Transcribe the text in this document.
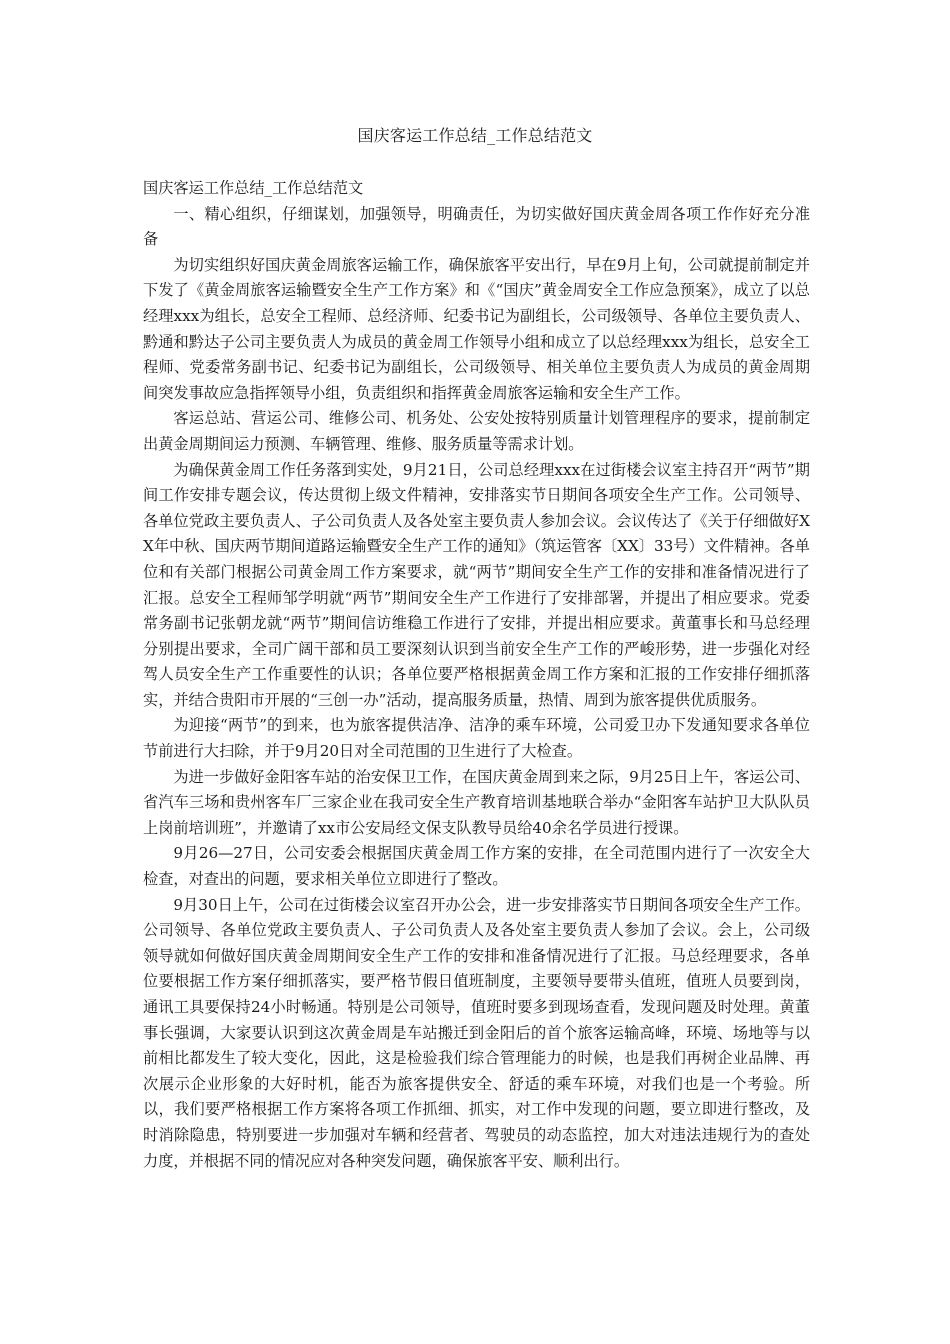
国庆客运工作总结_工作总结范文

国庆客运工作总结_工作总结范文

一、精心组织，仔细谋划，加强领导，明确责任，为切实做好国庆黄金周各项工作作好充分准备

为切实组织好国庆黄金周旅客运输工作，确保旅客平安出行，早在9月上旬，公司就提前制定并下发了《黄金周旅客运输暨安全生产工作方案》和《“国庆”黄金周安全工作应急预案》，成立了以总经理xxx为组长，总安全工程师、总经济师、纪委书记为副组长，公司级领导、各单位主要负责人、黔通和黔达子公司主要负责人为成员的黄金周工作领导小组和成立了以总经理xxx为组长，总安全工程师、党委常务副书记、纪委书记为副组长，公司级领导、相关单位主要负责人为成员的黄金周期间突发事故应急指挥领导小组，负责组织和指挥黄金周旅客运输和安全生产工作。

客运总站、营运公司、维修公司、机务处、公安处按特别质量计划管理程序的要求，提前制定出黄金周期间运力预测、车辆管理、维修、服务质量等需求计划。

为确保黄金周工作任务落到实处，9月21日，公司总经理xxx在过街楼会议室主持召开“两节”期间工作安排专题会议，传达贯彻上级文件精神，安排落实节日期间各项安全生产工作。公司领导、各单位党政主要负责人、子公司负责人及各处室主要负责人参加会议。会议传达了《关于仔细做好XX年中秋、国庆两节期间道路运输暨安全生产工作的通知》（筑运管客〔XX〕33号）文件精神。各单位和有关部门根据公司黄金周工作方案要求，就“两节”期间安全生产工作的安排和准备情况进行了汇报。总安全工程师邹学明就“两节”期间安全生产工作进行了安排部署，并提出了相应要求。党委常务副书记张朝龙就“两节”期间信访维稳工作进行了安排，并提出相应要求。黄董事长和马总经理分别提出要求，全司广阔干部和员工要深刻认识到当前安全生产工作的严峻形势，进一步强化对经驾人员安全生产工作重要性的认识；各单位要严格根据黄金周工作方案和汇报的工作安排仔细抓落实，并结合贵阳市开展的“三创一办”活动，提高服务质量，热情、周到为旅客提供优质服务。

为迎接“两节”的到来，也为旅客提供洁净、洁净的乘车环境，公司爱卫办下发通知要求各单位节前进行大扫除，并于9月20日对全司范围的卫生进行了大检查。

为进一步做好金阳客车站的治安保卫工作，在国庆黄金周到来之际，9月25日上午，客运公司、省汽车三场和贵州客车厂三家企业在我司安全生产教育培训基地联合举办“金阳客车站护卫大队队员上岗前培训班”，并邀请了xx市公安局经文保支队教导员给40余名学员进行授课。

9月26—27日，公司安委会根据国庆黄金周工作方案的安排，在全司范围内进行了一次安全大检查，对查出的问题，要求相关单位立即进行了整改。

9月30日上午，公司在过街楼会议室召开办公会，进一步安排落实节日期间各项安全生产工作。公司领导、各单位党政主要负责人、子公司负责人及各处室主要负责人参加了会议。会上，公司级领导就如何做好国庆黄金周期间安全生产工作的安排和准备情况进行了汇报。马总经理要求，各单位要根据工作方案仔细抓落实，要严格节假日值班制度，主要领导要带头值班，值班人员要到岗，通讯工具要保持24小时畅通。特别是公司领导，值班时要多到现场查看，发现问题及时处理。黄董事长强调，大家要认识到这次黄金周是车站搬迁到金阳后的首个旅客运输高峰，环境、场地等与以前相比都发生了较大变化，因此，这是检验我们综合管理能力的时候，也是我们再树企业品牌、再次展示企业形象的大好时机，能否为旅客提供安全、舒适的乘车环境，对我们也是一个考验。所以，我们要严格根据工作方案将各项工作抓细、抓实，对工作中发现的问题，要立即进行整改，及时消除隐患，特别要进一步加强对车辆和经营者、驾驶员的动态监控，加大对违法违规行为的查处力度，并根据不同的情况应对各种突发问题，确保旅客平安、顺利出行。
